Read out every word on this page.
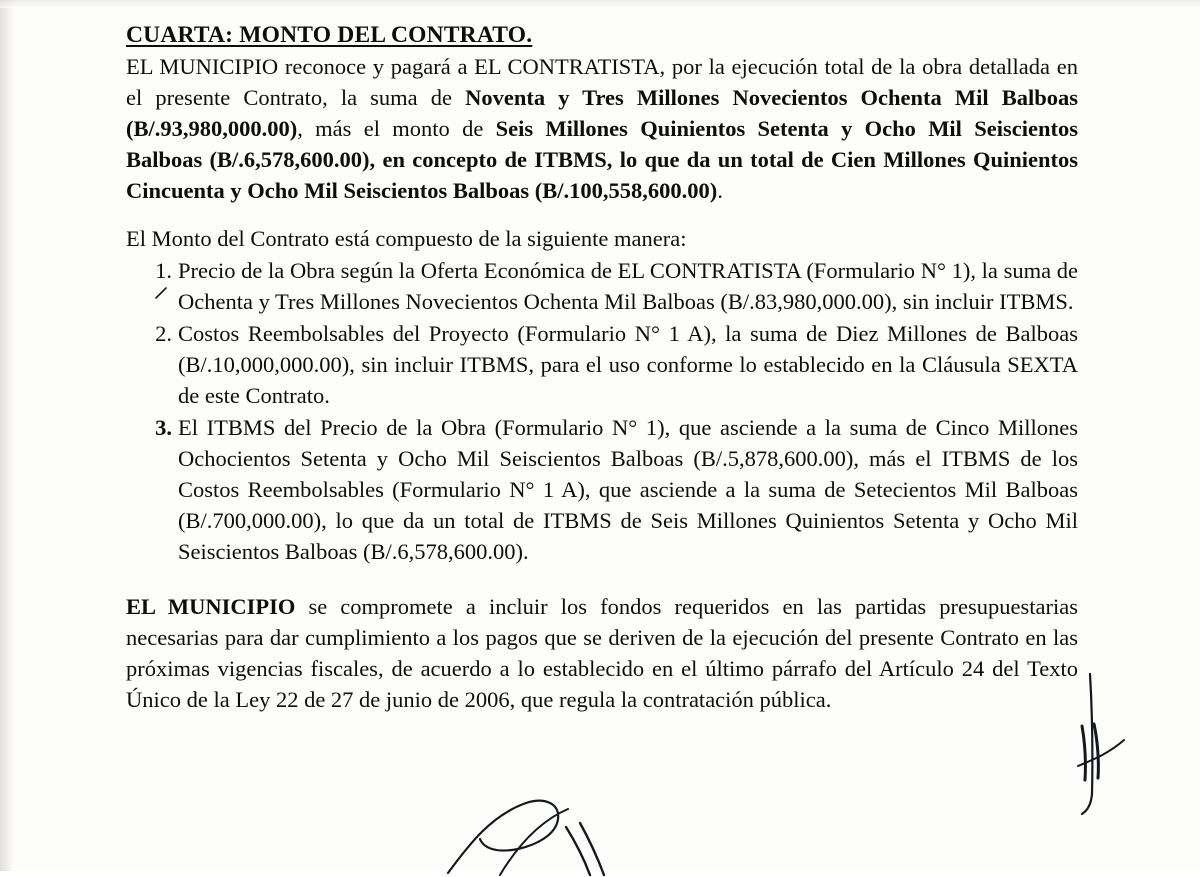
CUARTA: MONTO DEL CONTRATO.

EL MUNICIPIO reconoce y pagará a EL CONTRATISTA, por la ejecución total de la obra detallada en el presente Contrato, la suma de Noventa y Tres Millones Novecientos Ochenta Mil Balboas (B/.93,980,000.00), más el monto de Seis Millones Quinientos Setenta y Ocho Mil Seiscientos Balboas (B/.6,578,600.00), en concepto de ITBMS, lo que da un total de Cien Millones Quinientos Cincuenta y Ocho Mil Seiscientos Balboas (B/.100,558,600.00).

El Monto del Contrato está compuesto de la siguiente manera:

1. Precio de la Obra según la Oferta Económica de EL CONTRATISTA (Formulario N° 1), la suma de Ochenta y Tres Millones Novecientos Ochenta Mil Balboas (B/.83,980,000.00), sin incluir ITBMS.
2. Costos Reembolsables del Proyecto (Formulario N° 1 A), la suma de Diez Millones de Balboas (B/.10,000,000.00), sin incluir ITBMS, para el uso conforme lo establecido en la Cláusula SEXTA de este Contrato.
3. El ITBMS del Precio de la Obra (Formulario N° 1), que asciende a la suma de Cinco Millones Ochocientos Setenta y Ocho Mil Seiscientos Balboas (B/.5,878,600.00), más el ITBMS de los Costos Reembolsables (Formulario N° 1 A), que asciende a la suma de Setecientos Mil Balboas (B/.700,000.00), lo que da un total de ITBMS de Seis Millones Quinientos Setenta y Ocho Mil Seiscientos Balboas (B/.6,578,600.00).

EL MUNICIPIO se compromete a incluir los fondos requeridos en las partidas presupuestarias necesarias para dar cumplimiento a los pagos que se deriven de la ejecución del presente Contrato en las próximas vigencias fiscales, de acuerdo a lo establecido en el último párrafo del Artículo 24 del Texto Único de la Ley 22 de 27 de junio de 2006, que regula la contratación pública.
